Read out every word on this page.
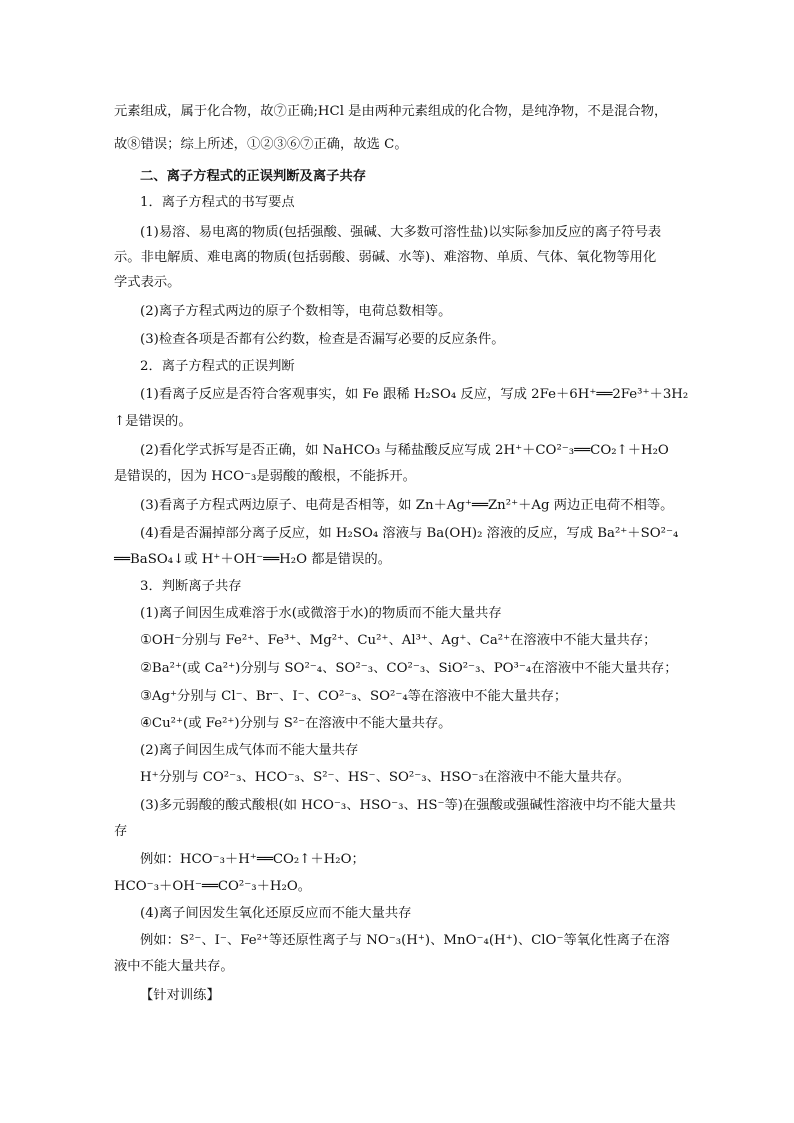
元素组成，属于化合物，故⑦正确;HCl 是由两种元素组成的化合物，是纯净物，不是混合物，
故⑧错误；综上所述，①②③⑥⑦正确，故选 C。
二、离子方程式的正误判断及离子共存
1．离子方程式的书写要点
(1)易溶、易电离的物质(包括强酸、强碱、大多数可溶性盐)以实际参加反应的离子符号表
示。非电解质、难电离的物质(包括弱酸、弱碱、水等)、难溶物、单质、气体、氧化物等用化
学式表示。
(2)离子方程式两边的原子个数相等，电荷总数相等。
(3)检查各项是否都有公约数，检查是否漏写必要的反应条件。
2．离子方程式的正误判断
(1)看离子反应是否符合客观事实，如 Fe 跟稀 H₂SO₄ 反应，写成 2Fe＋6H⁺══2Fe³⁺＋3H₂
↑是错误的。
(2)看化学式拆写是否正确，如 NaHCO₃ 与稀盐酸反应写成 2H⁺＋CO²⁻₃══CO₂↑＋H₂O
是错误的，因为 HCO⁻₃是弱酸的酸根，不能拆开。
(3)看离子方程式两边原子、电荷是否相等，如 Zn＋Ag⁺══Zn²⁺＋Ag 两边正电荷不相等。
(4)看是否漏掉部分离子反应，如 H₂SO₄ 溶液与 Ba(OH)₂ 溶液的反应，写成 Ba²⁺＋SO²⁻₄
══BaSO₄↓或 H⁺＋OH⁻══H₂O 都是错误的。
3．判断离子共存
(1)离子间因生成难溶于水(或微溶于水)的物质而不能大量共存
①OH⁻分别与 Fe²⁺、Fe³⁺、Mg²⁺、Cu²⁺、Al³⁺、Ag⁺、Ca²⁺在溶液中不能大量共存；
②Ba²⁺(或 Ca²⁺)分别与 SO²⁻₄、SO²⁻₃、CO²⁻₃、SiO²⁻₃、PO³⁻₄在溶液中不能大量共存；
③Ag⁺分别与 Cl⁻、Br⁻、I⁻、CO²⁻₃、SO²⁻₄等在溶液中不能大量共存；
④Cu²⁺(或 Fe²⁺)分别与 S²⁻在溶液中不能大量共存。
(2)离子间因生成气体而不能大量共存
H⁺分别与 CO²⁻₃、HCO⁻₃、S²⁻、HS⁻、SO²⁻₃、HSO⁻₃在溶液中不能大量共存。
(3)多元弱酸的酸式酸根(如 HCO⁻₃、HSO⁻₃、HS⁻等)在强酸或强碱性溶液中均不能大量共
存
例如：HCO⁻₃＋H⁺══CO₂↑＋H₂O；
HCO⁻₃＋OH⁻══CO²⁻₃＋H₂O。
(4)离子间因发生氧化还原反应而不能大量共存
例如：S²⁻、I⁻、Fe²⁺等还原性离子与 NO⁻₃(H⁺)、MnO⁻₄(H⁺)、ClO⁻等氧化性离子在溶
液中不能大量共存。
【针对训练】
